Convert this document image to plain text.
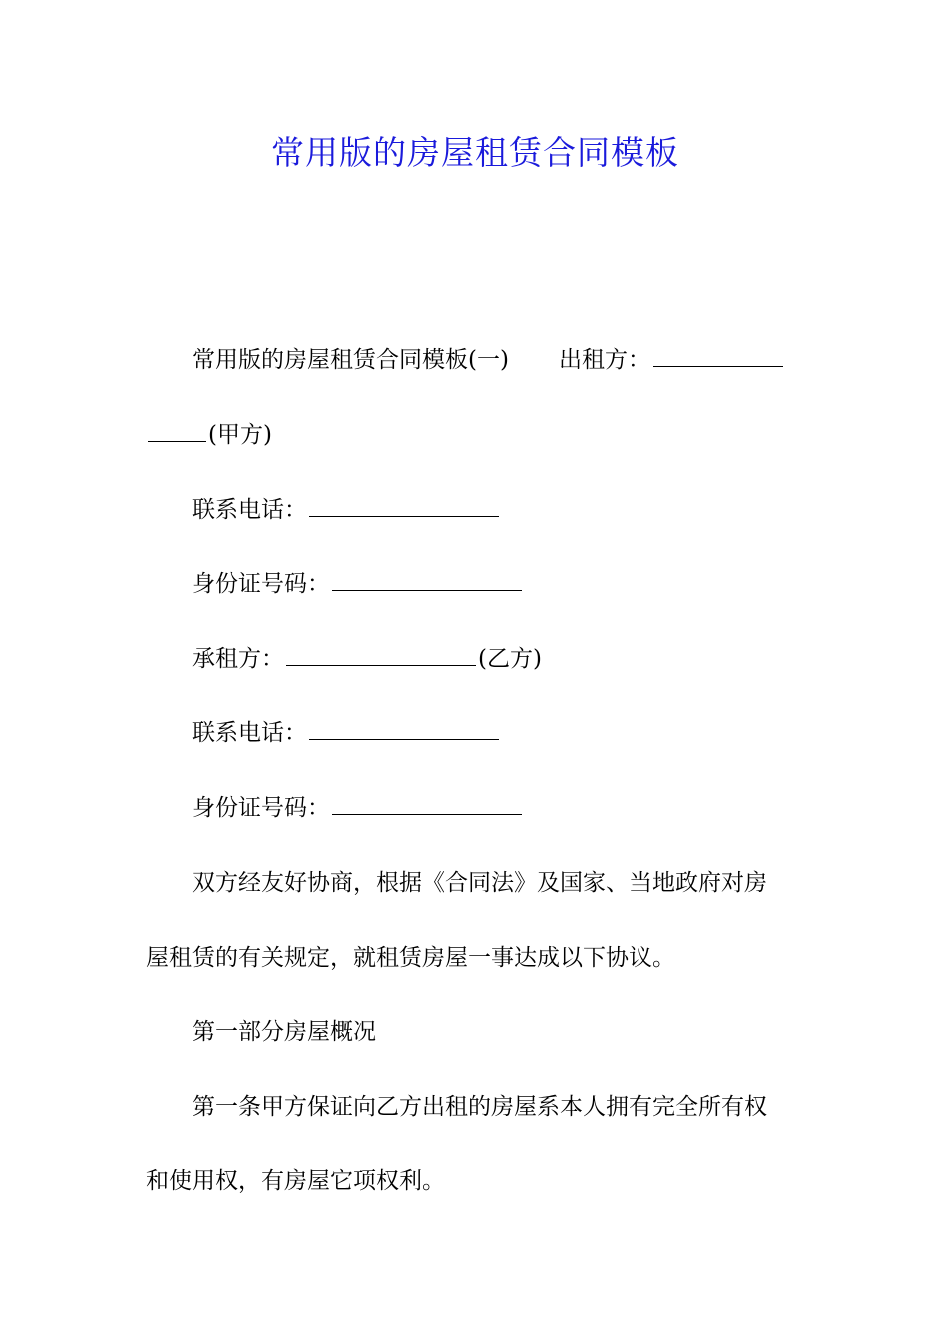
常用版的房屋租赁合同模板
常用版的房屋租赁合同模板(一) 出租方：
(甲方)
联系电话：
身份证号码：
承租方：	(乙方)
联系电话：
身份证号码：
双方经友好协商，根据《合同法》及国家、当地政府对房
屋租赁的有关规定，就租赁房屋一事达成以下协议。
第一部分房屋概况
第一条甲方保证向乙方出租的房屋系本人拥有完全所有权
和使用权，有房屋它项权利。
